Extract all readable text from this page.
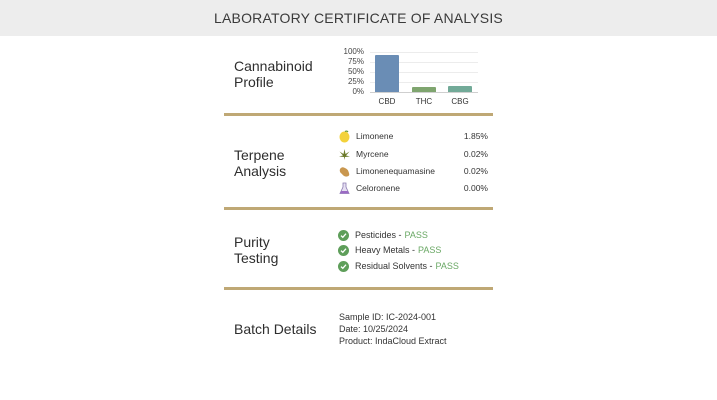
LABORATORY CERTIFICATE OF ANALYSIS
Cannabinoid
Profile
100%
75%
50%
25%
0%
CBD	THC	CBG
Terpene
Analysis
Limonene	1.85%
Myrcene	0.02%
Limonenequamasine	0.02%
Celoronene	0.00%
Purity
Testing
Pesticides - PASS
Heavy Metals - PASS
Residual Solvents - PASS
Batch Details
Sample ID: IC-2024-001
Date: 10/25/2024
Product: IndaCloud Extract
